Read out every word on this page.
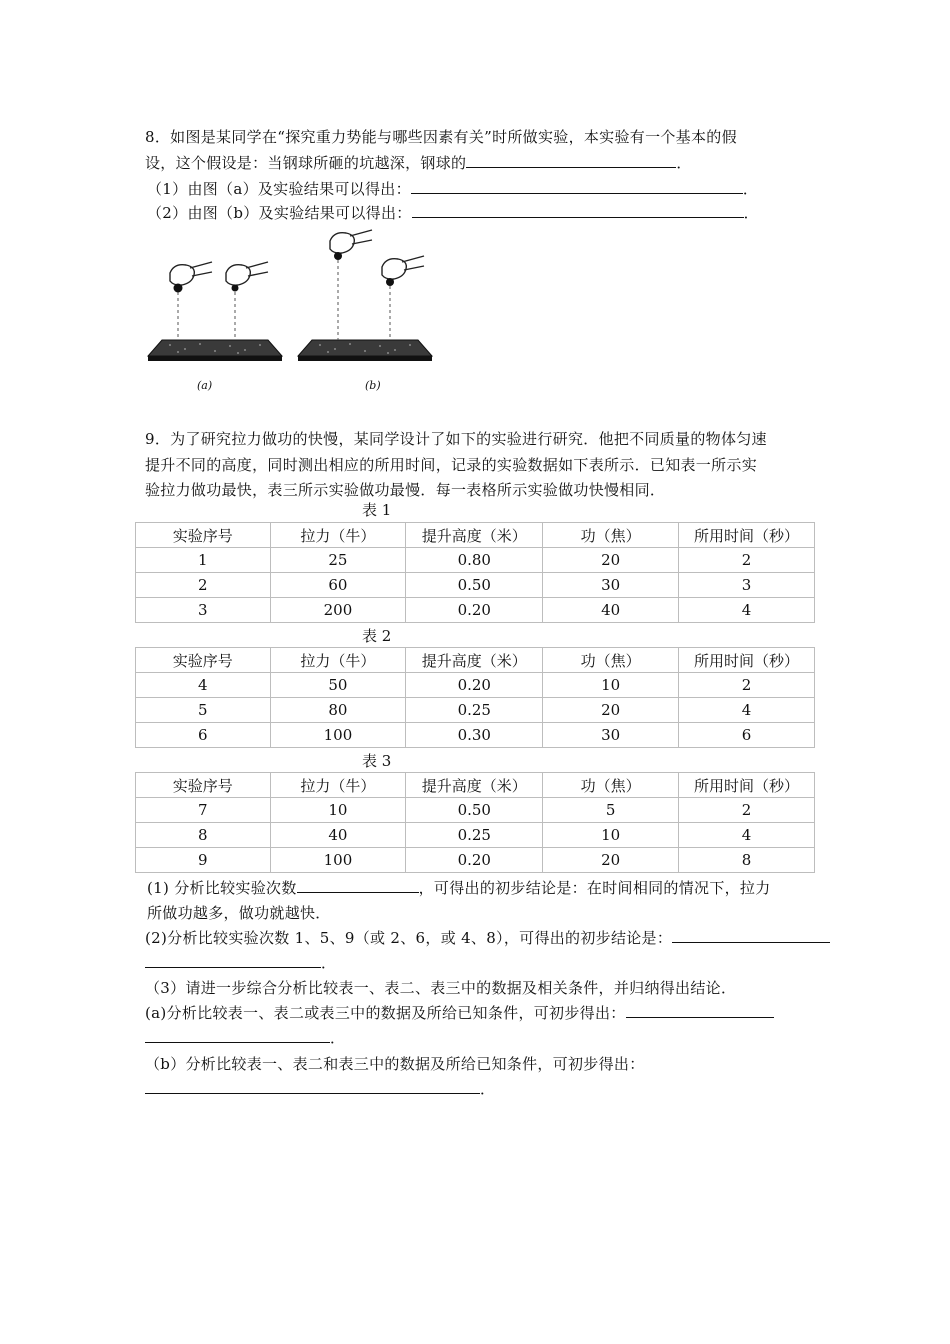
8．如图是某同学在“探究重力势能与哪些因素有关”时所做实验，本实验有一个基本的假
设，这个假设是：当钢球所砸的坑越深，钢球的	．
（1）由图（a）及实验结果可以得出：	．
（2）由图（b）及实验结果可以得出：	．
(a)	(b)
9．为了研究拉力做功的快慢，某同学设计了如下的实验进行研究．他把不同质量的物体匀速
提升不同的高度，同时测出相应的所用时间，记录的实验数据如下表所示．已知表一所示实
验拉力做功最快，表三所示实验做功最慢．每一表格所示实验做功快慢相同．
表 1
实验序号	拉力（牛）	提升高度（米）	功（焦）	所用时间（秒）
1	25	0.80	20	2
2	60	0.50	30	3
3	200	0.20	40	4
表 2
实验序号	拉力（牛）	提升高度（米）	功（焦）	所用时间（秒）
4	50	0.20	10	2
5	80	0.25	20	4
6	100	0.30	30	6
表 3
实验序号	拉力（牛）	提升高度（米）	功（焦）	所用时间（秒）
7	10	0.50	5	2
8	40	0.25	10	4
9	100	0.20	20	8
(1) 分析比较实验次数	，可得出的初步结论是：在时间相同的情况下，拉力
所做功越多，做功就越快．
(2)分析比较实验次数 1、5、9（或 2、6，或 4、8），可得出的初步结论是：
．
（3）请进一步综合分析比较表一、表二、表三中的数据及相关条件，并归纳得出结论．
(a)分析比较表一、表二或表三中的数据及所给已知条件，可初步得出：
．
（b）分析比较表一、表二和表三中的数据及所给已知条件，可初步得出：
．
